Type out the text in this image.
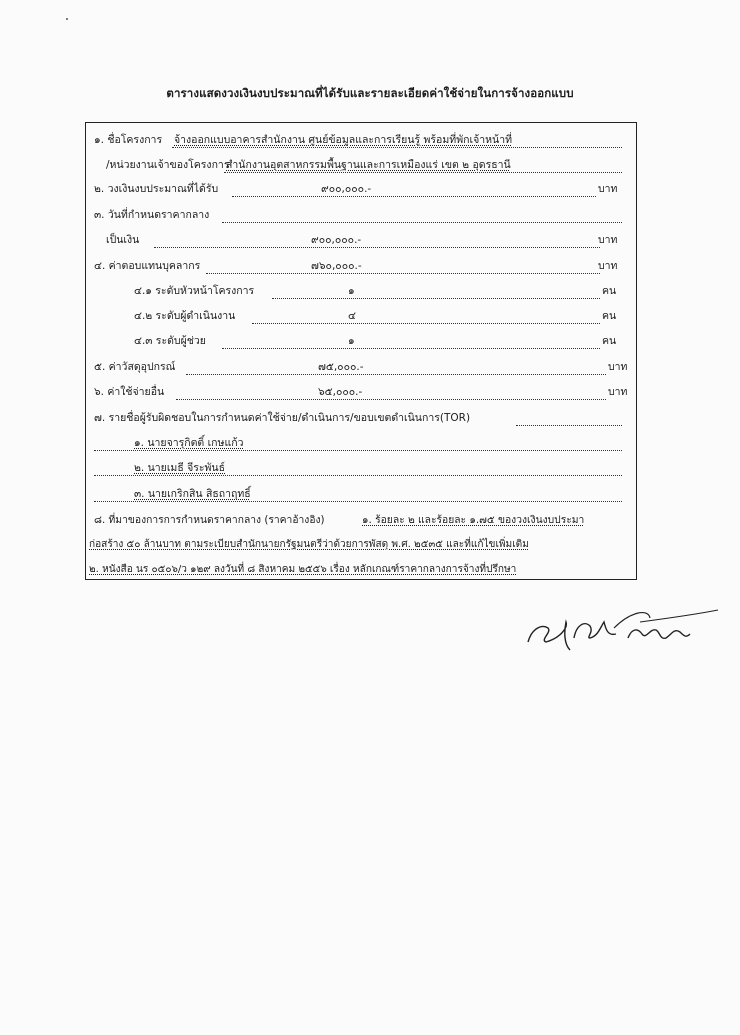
ตารางแสดงวงเงินงบประมาณที่ได้รับและรายละเอียดค่าใช้จ่ายในการจ้างออกแบบ
๑. ชื่อโครงการ จ้างออกแบบอาคารสำนักงาน ศูนย์ข้อมูลและการเรียนรู้ พร้อมที่พักเจ้าหน้าที่
/หน่วยงานเจ้าของโครงการ
สำนักงานอุตสาหกรรมพื้นฐานและการเหมืองแร่ เขต ๒ อุดรธานี
๒. วงเงินงบประมาณที่ได้รับ	๙๐๐,๐๐๐.-	บาท
๓. วันที่กำหนดราคากลาง
เป็นเงิน	๙๐๐,๐๐๐.-	บาท
๔. ค่าตอบแทนบุคลากร	๗๖๐,๐๐๐.-	บาท
๔.๑ ระดับหัวหน้าโครงการ	๑	คน
๔.๒ ระดับผู้ดำเนินงาน	๔	คน
๔.๓ ระดับผู้ช่วย	๑	คน
๕. ค่าวัสดุอุปกรณ์	๗๕,๐๐๐.-	บาท
๖. ค่าใช้จ่ายอื่น	๖๕,๐๐๐.-	บาท
๗. รายชื่อผู้รับผิดชอบในการกำหนดค่าใช้จ่าย/ดำเนินการ/ขอบเขตดำเนินการ(TOR)
๑. นายจารุกิตติ์ เกษแก้ว
๒. นายเมธี จีระพันธ์
๓. นายเกริกสิน สิธถาฤทธิ์
๘. ที่มาของการการกำหนดราคากลาง (ราคาอ้างอิง)	๑. ร้อยละ ๒ และร้อยละ ๑.๗๕ ของวงเงินงบประมา
ก่อสร้าง ๕๐ ล้านบาท ตามระเบียบสำนักนายกรัฐมนตรีว่าด้วยการพัสดุ พ.ศ. ๒๕๓๕ และที่แก้ไขเพิ่มเติม
๒. หนังสือ นร ๐๕๐๖/ว ๑๒๙ ลงวันที่ ๘ สิงหาคม ๒๕๕๖ เรื่อง หลักเกณฑ์ราคากลางการจ้างที่ปรึกษา
